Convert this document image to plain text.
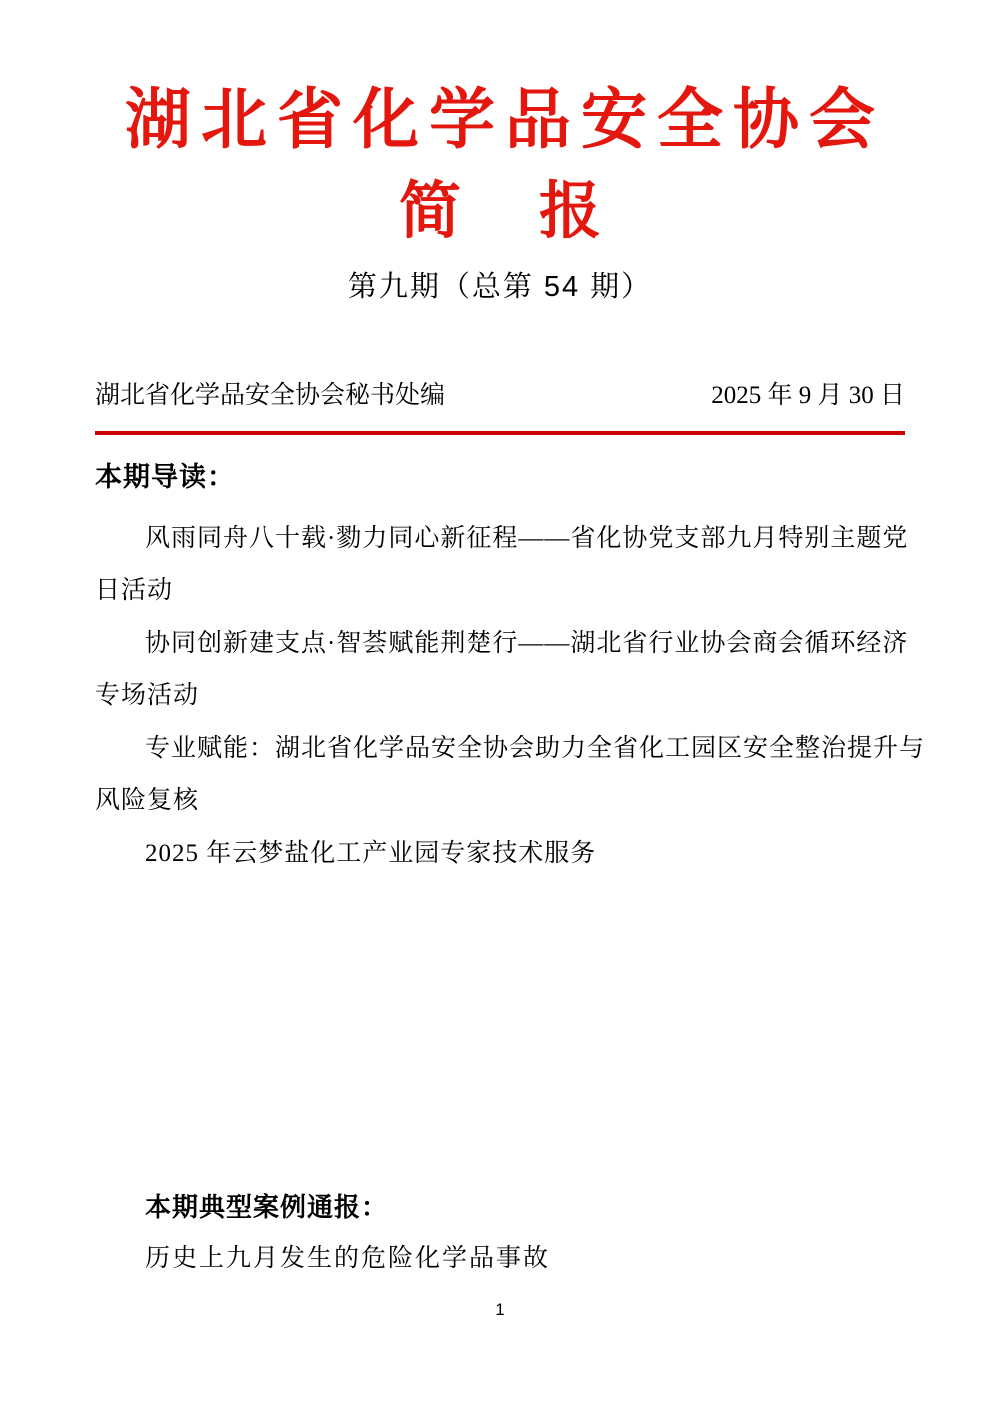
湖北省化学品安全协会
简　报
第九期（总第 54 期）
湖北省化学品安全协会秘书处编	2025 年 9 月 30 日
本期导读：
风雨同舟八十载·勠力同心新征程——省化协党支部九月特别主题党
日活动
协同创新建支点·智荟赋能荆楚行——湖北省行业协会商会循环经济
专场活动
专业赋能：湖北省化学品安全协会助力全省化工园区安全整治提升与
风险复核
2025 年云梦盐化工产业园专家技术服务
本期典型案例通报：
历史上九月发生的危险化学品事故
1
